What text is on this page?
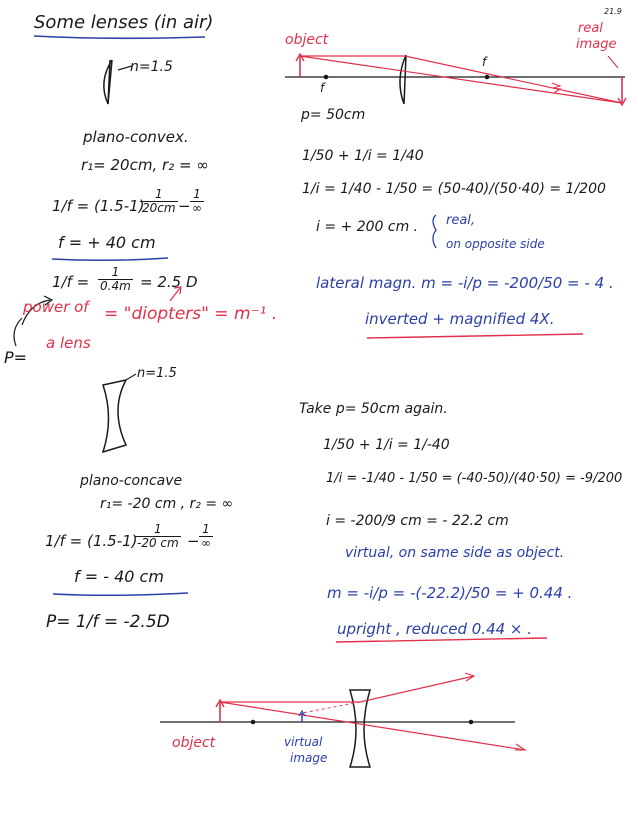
21.9
Some lenses (in air)
n=1.5
plano-convex.
r₁= 20cm, r₂ = ∞
1/f = (1.5-1)
$\frac{1}{20cm}$ −
1
∞
f = + 40 cm
$1/f = \frac{1}{0.4m} = 2.5$ D
power of
a lens
P=
= "diopters" = m⁻¹ .
object
real
image
f
f
p= 50cm
1/50 + 1/i = 1/40
1/i = 1/40 - 1/50 = (50-40)/(50·40) = 1/200
i = + 200 cm . real,
on opposite side
lateral magn. m = -i/p = -200/50 = - 4 .
inverted + magnified 4X.
n=1.5
plano-concave
r₁= -20 cm , r₂ = ∞
1/f = (1.5-1)
$\frac{1}{-20 cm}$ −
1
∞
f = - 40 cm
P= 1/f = -2.5D
Take p= 50cm again.
1/50 + 1/i = 1/-40
1/i = -1/40 - 1/50 = (-40-50)/(40·50) = -9/200
i = -200/9 cm = - 22.2 cm
virtual, on same side as object.
m = -i/p = -(-22.2)/50 = + 0.44 .
upright , reduced 0.44 × .
object	virtual
image
